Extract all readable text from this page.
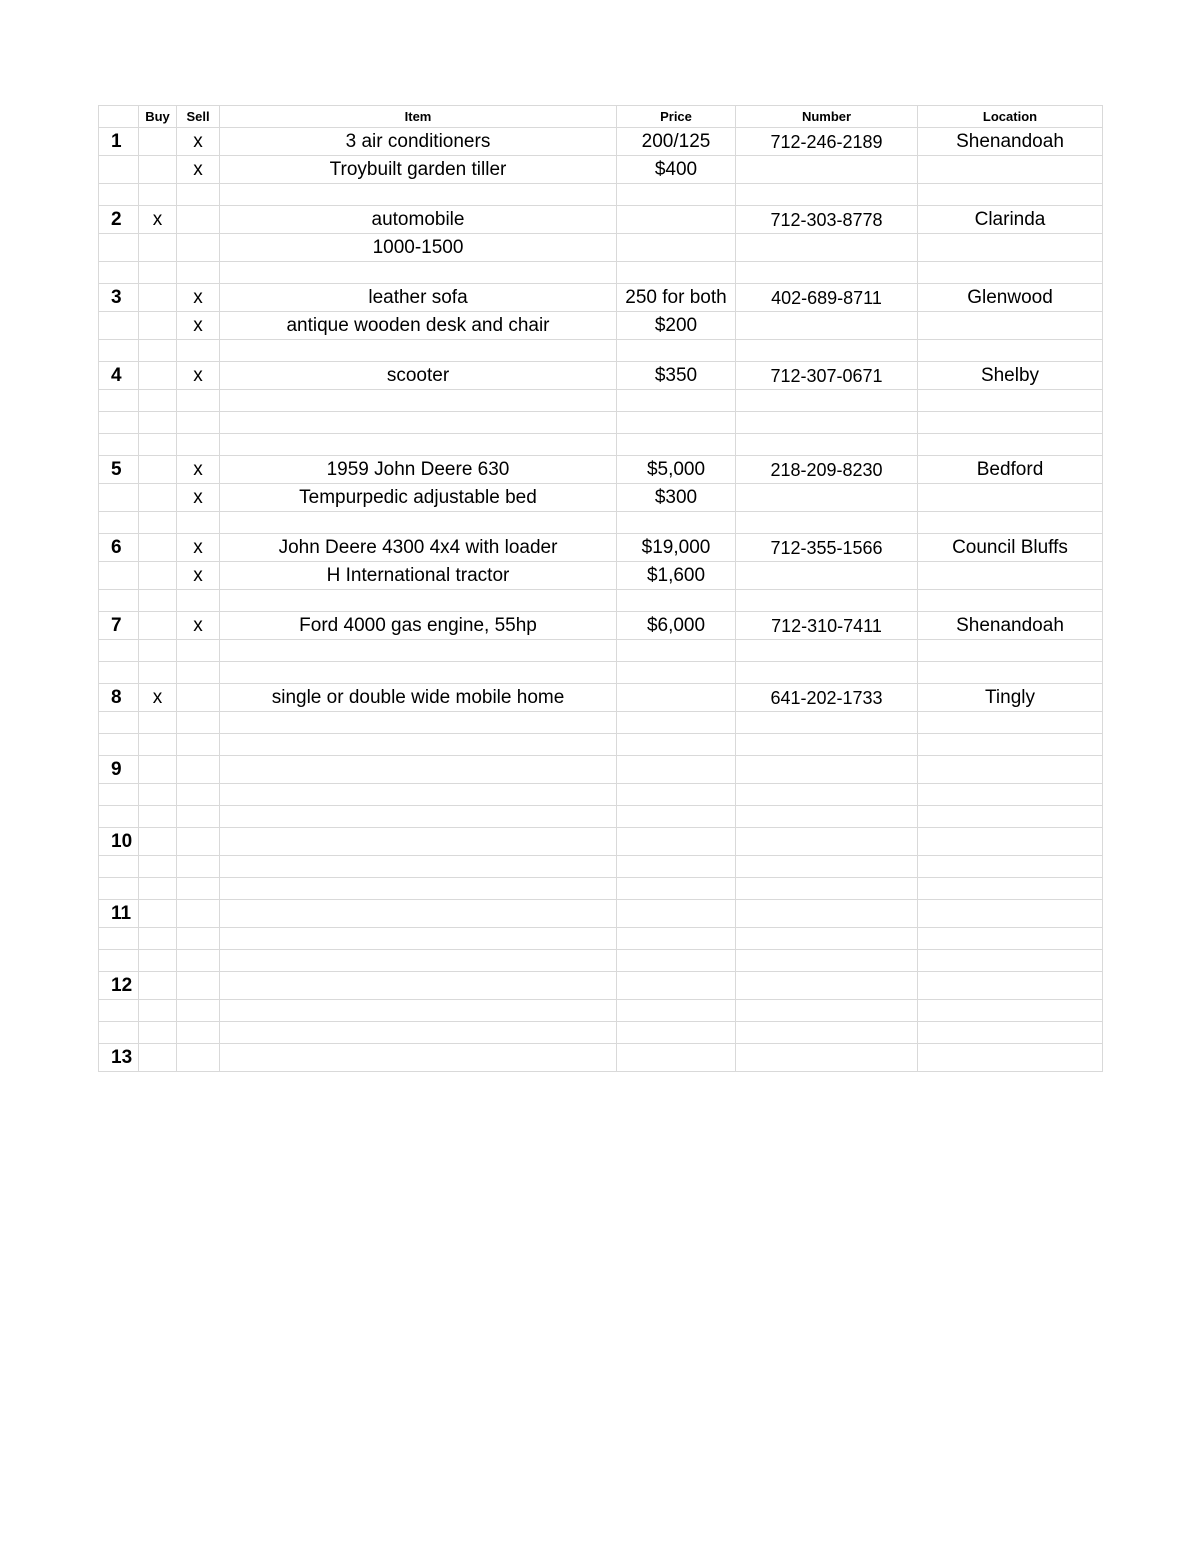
	Buy	Sell	Item	Price	Number	Location
1		x	3 air conditioners	200/125	712-246-2189	Shenandoah
		x	Troybuilt garden tiller	$400		

2	x		automobile		712-303-8778	Clarinda
			1000-1500			

3		x	leather sofa	250 for both	402-689-8711	Glenwood
		x	antique wooden desk and chair	$200		

4		x	scooter	$350	712-307-0671	Shelby

5		x	1959 John Deere 630	$5,000	218-209-8230	Bedford
		x	Tempurpedic adjustable bed	$300		

6		x	John Deere 4300 4x4 with loader	$19,000	712-355-1566	Council Bluffs
		x	H International tractor	$1,600		

7		x	Ford 4000 gas engine, 55hp	$6,000	712-310-7411	Shenandoah

8	x		single or double wide mobile home		641-202-1733	Tingly

9						

10						

11						

12						

13						
